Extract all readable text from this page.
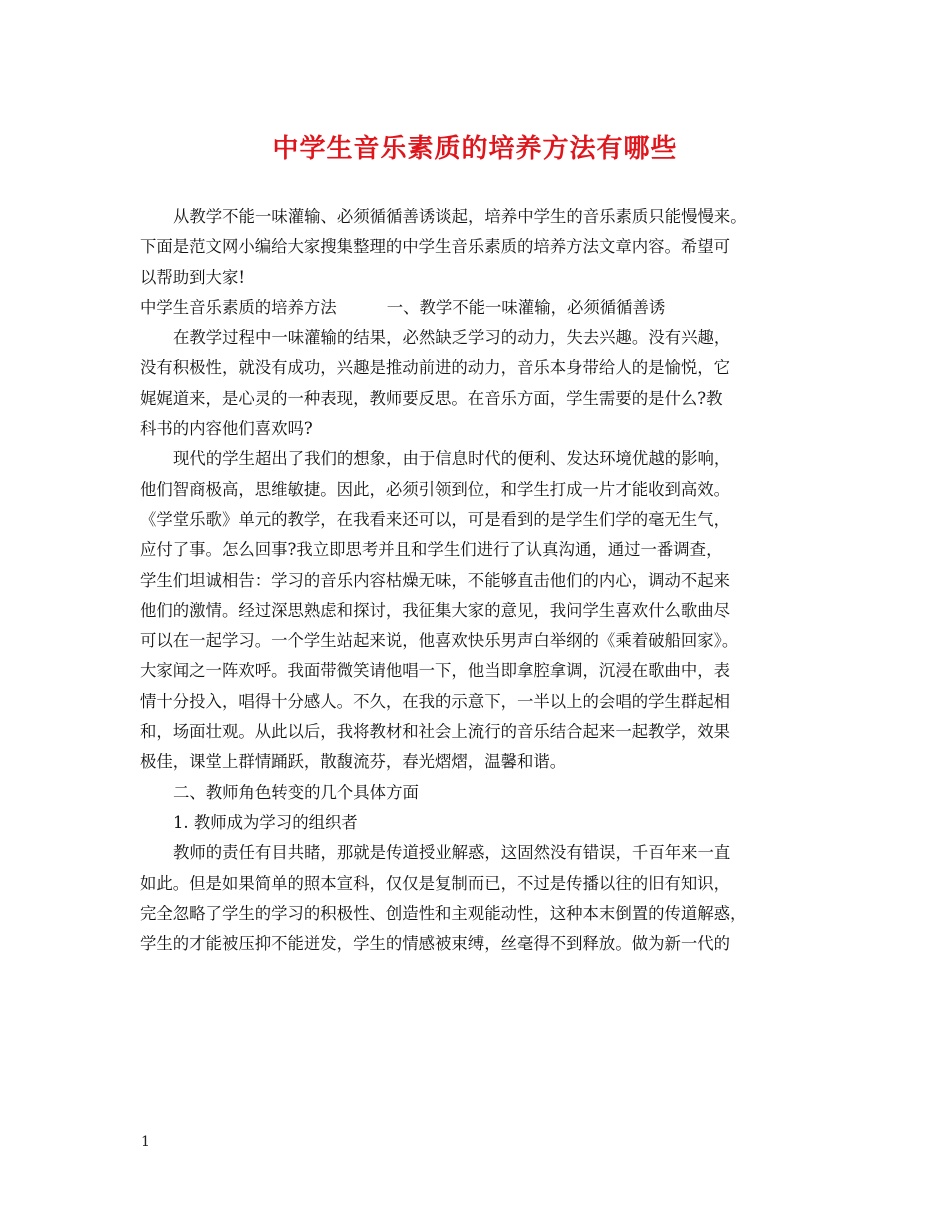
中学生音乐素质的培养方法有哪些
从教学不能一味灌输、必须循循善诱谈起，培养中学生的音乐素质只能慢慢来。
下面是范文网小编给大家搜集整理的中学生音乐素质的培养方法文章内容。希望可
以帮助到大家!
中学生音乐素质的培养方法	一、教学不能一味灌输，必须循循善诱
在教学过程中一味灌输的结果，必然缺乏学习的动力，失去兴趣。没有兴趣，
没有积极性，就没有成功，兴趣是推动前进的动力，音乐本身带给人的是愉悦，它
娓娓道来，是心灵的一种表现，教师要反思。在音乐方面，学生需要的是什么?教
科书的内容他们喜欢吗?
现代的学生超出了我们的想象，由于信息时代的便利、发达环境优越的影响，
他们智商极高，思维敏捷。因此，必须引领到位，和学生打成一片才能收到高效。
《学堂乐歌》单元的教学，在我看来还可以，可是看到的是学生们学的毫无生气，
应付了事。怎么回事?我立即思考并且和学生们进行了认真沟通，通过一番调查，
学生们坦诚相告：学习的音乐内容枯燥无味，不能够直击他们的内心，调动不起来
他们的激情。经过深思熟虑和探讨，我征集大家的意见，我问学生喜欢什么歌曲尽
可以在一起学习。一个学生站起来说，他喜欢快乐男声白举纲的《乘着破船回家》。
大家闻之一阵欢呼。我面带微笑请他唱一下，他当即拿腔拿调，沉浸在歌曲中，表
情十分投入，唱得十分感人。不久，在我的示意下，一半以上的会唱的学生群起相
和，场面壮观。从此以后，我将教材和社会上流行的音乐结合起来一起教学，效果
极佳，课堂上群情踊跃，散馥流芬，春光熠熠，温馨和谐。
二、教师角色转变的几个具体方面
1. 教师成为学习的组织者
教师的责任有目共睹，那就是传道授业解惑，这固然没有错误，千百年来一直
如此。但是如果简单的照本宣科，仅仅是复制而已，不过是传播以往的旧有知识，
完全忽略了学生的学习的积极性、创造性和主观能动性，这种本末倒置的传道解惑，
学生的才能被压抑不能迸发，学生的情感被束缚，丝毫得不到释放。做为新一代的
1
